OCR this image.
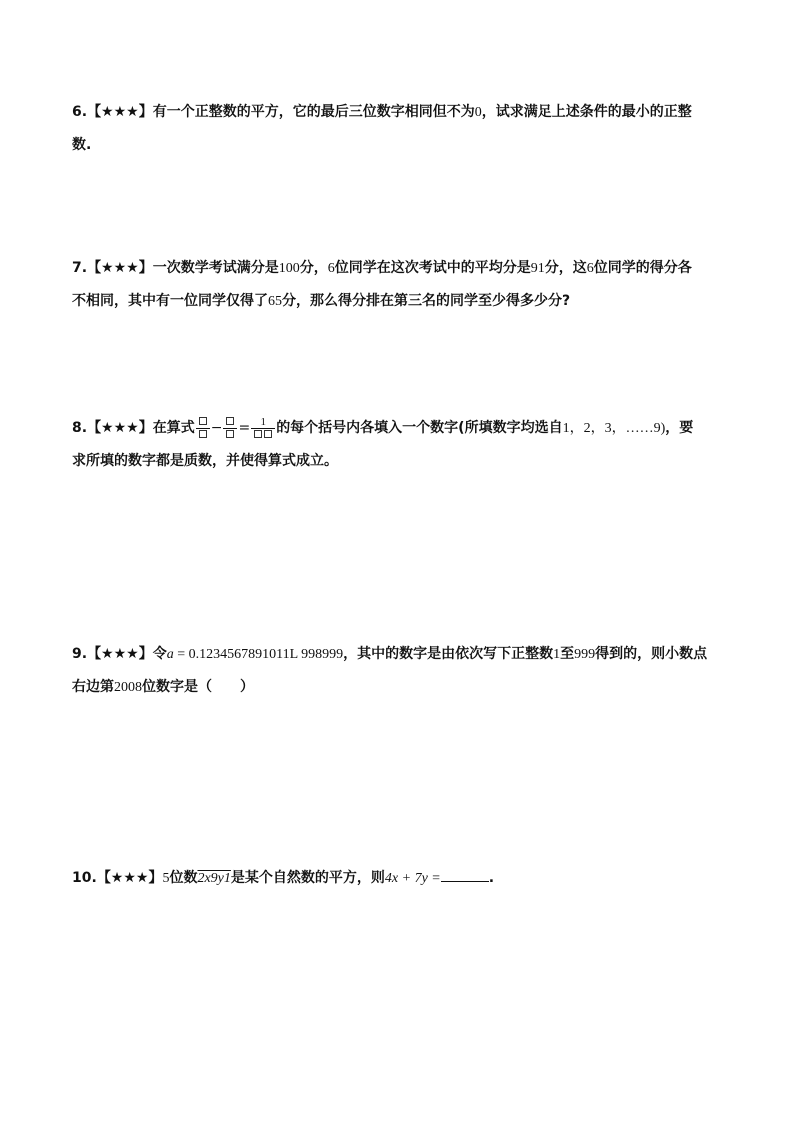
6.【★★★】有一个正整数的平方，它的最后三位数字相同但不为0，试求满足上述条件的最小的正整
数.
7.【★★★】一次数学考试满分是100分，6位同学在这次考试中的平均分是91分，这6位同学的得分各
不相同，其中有一位同学仅得了65分，那么得分排在第三名的同学至少得多少分?
8.【★★★】在算式 − = 1 的每个括号内各填入一个数字(所填数字均选自1，2，3，……9)，要
求所填的数字都是质数，并使得算式成立。
9.【★★★】令a = 0.1234567891011L 998999，其中的数字是由依次写下正整数1至999得到的，则小数点
右边第2008位数字是（　　）
10.【★★★】5位数2x9y1是某个自然数的平方，则4x + 7y =	.
